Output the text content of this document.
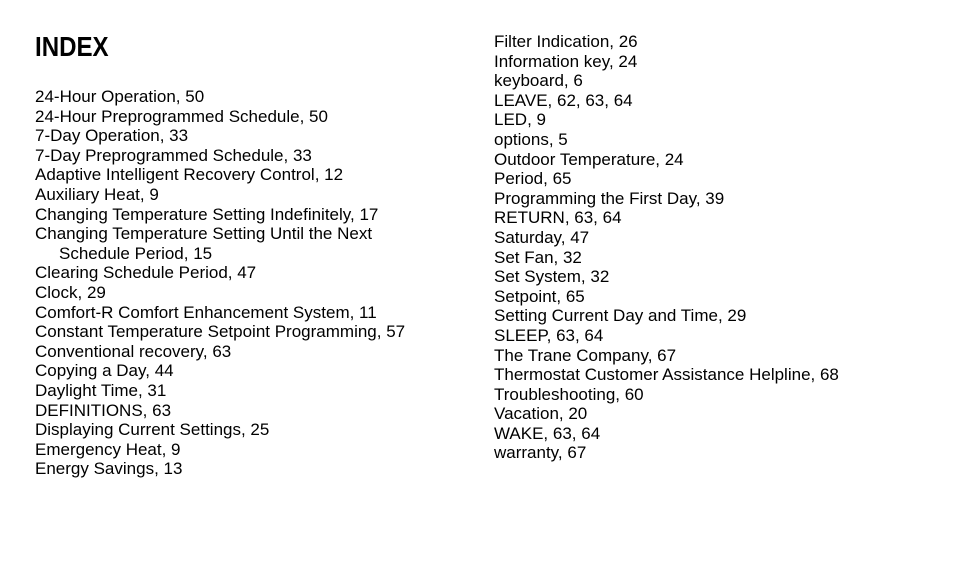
INDEX
24-Hour Operation, 50
24-Hour Preprogrammed Schedule, 50
7-Day Operation, 33
7-Day Preprogrammed Schedule, 33
Adaptive Intelligent Recovery Control, 12
Auxiliary Heat, 9
Changing Temperature Setting Indefinitely, 17
Changing Temperature Setting Until the Next
Schedule Period, 15
Clearing Schedule Period, 47
Clock, 29
Comfort-R Comfort Enhancement System, 11
Constant Temperature Setpoint Programming, 57
Conventional recovery, 63
Copying a Day, 44
Daylight Time, 31
DEFINITIONS, 63
Displaying Current Settings, 25
Emergency Heat, 9
Energy Savings, 13
Filter Indication, 26
Information key, 24
keyboard, 6
LEAVE, 62, 63, 64
LED, 9
options, 5
Outdoor Temperature, 24
Period, 65
Programming the First Day, 39
RETURN, 63, 64
Saturday, 47
Set Fan, 32
Set System, 32
Setpoint, 65
Setting Current Day and Time, 29
SLEEP, 63, 64
The Trane Company, 67
Thermostat Customer Assistance Helpline, 68
Troubleshooting, 60
Vacation, 20
WAKE, 63, 64
warranty, 67
